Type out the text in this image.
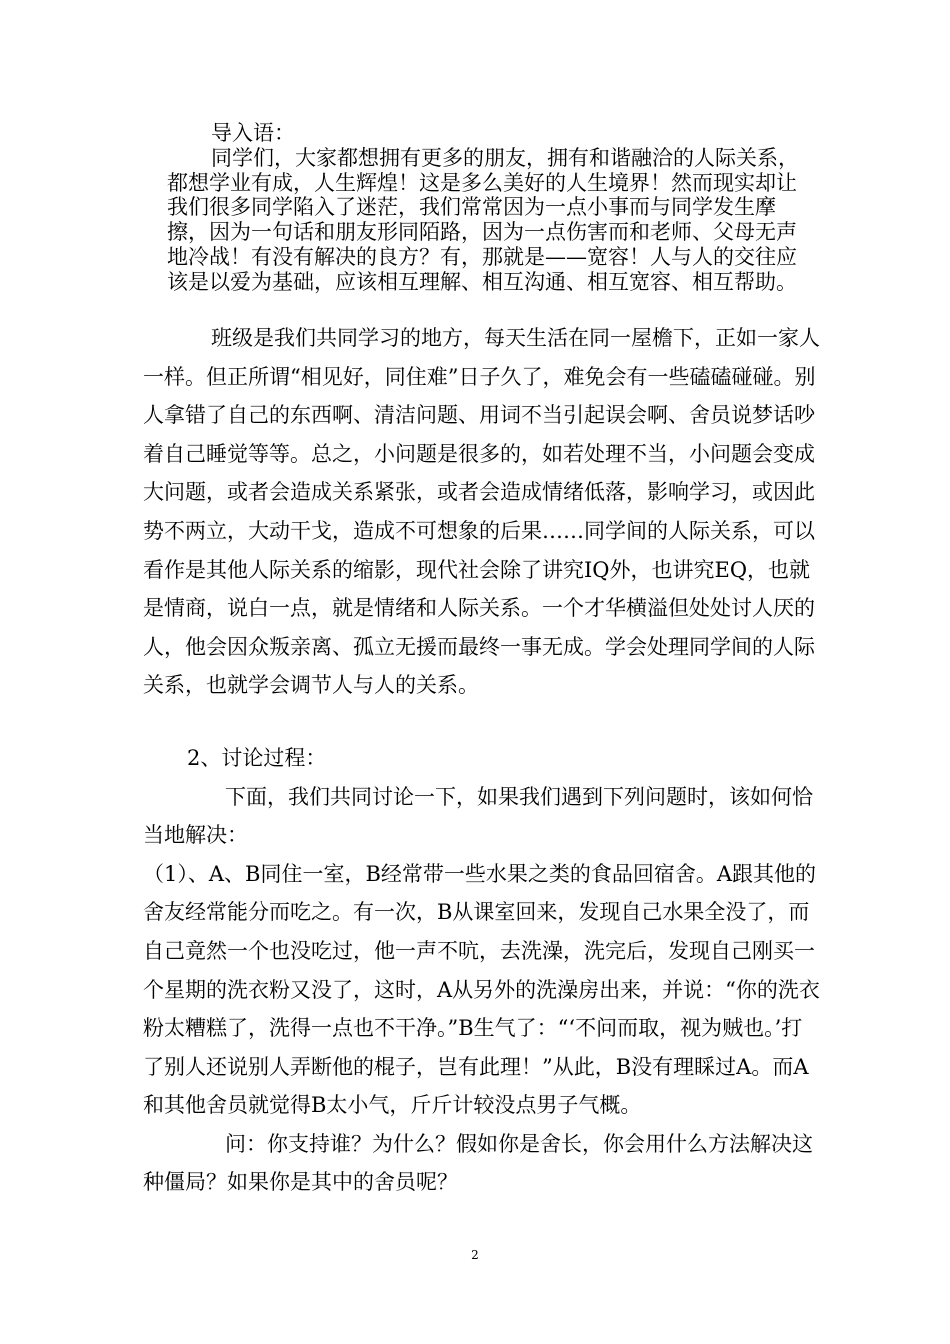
导入语：

同学们，大家都想拥有更多的朋友，拥有和谐融洽的人际关系，都想学业有成，人生辉煌！这是多么美好的人生境界！然而现实却让我们很多同学陷入了迷茫，我们常常因为一点小事而与同学发生摩擦，因为一句话和朋友形同陌路，因为一点伤害而和老师、父母无声地冷战！有没有解决的良方？有，那就是——宽容！人与人的交往应该是以爱为基础，应该相互理解、相互沟通、相互宽容、相互帮助。

班级是我们共同学习的地方，每天生活在同一屋檐下，正如一家人一样。但正所谓“相见好，同住难”日子久了，难免会有一些磕磕碰碰。别人拿错了自己的东西啊、清洁问题、用词不当引起误会啊、舍员说梦话吵着自己睡觉等等。总之，小问题是很多的，如若处理不当，小问题会变成大问题，或者会造成关系紧张，或者会造成情绪低落，影响学习，或因此势不两立，大动干戈，造成不可想象的后果……同学间的人际关系，可以看作是其他人际关系的缩影，现代社会除了讲究IQ外，也讲究EQ，也就是情商，说白一点，就是情绪和人际关系。一个才华横溢但处处讨人厌的人，他会因众叛亲离、孤立无援而最终一事无成。学会处理同学间的人际关系，也就学会调节人与人的关系。

2、讨论过程：

下面，我们共同讨论一下，如果我们遇到下列问题时，该如何恰当地解决：

（1）、A、B同住一室，B经常带一些水果之类的食品回宿舍。A跟其他的舍友经常能分而吃之。有一次，B从课室回来，发现自己水果全没了，而自己竟然一个也没吃过，他一声不吭，去洗澡，洗完后，发现自己刚买一个星期的洗衣粉又没了，这时，A从另外的洗澡房出来，并说：“你的洗衣粉太糟糕了，洗得一点也不干净。”B生气了：“‘不问而取，视为贼也。’打了别人还说别人弄断他的棍子，岂有此理！”从此，B没有理睬过A。而A和其他舍员就觉得B太小气，斤斤计较没点男子气概。

问：你支持谁？为什么？假如你是舍长，你会用什么方法解决这种僵局？如果你是其中的舍员呢？

2
